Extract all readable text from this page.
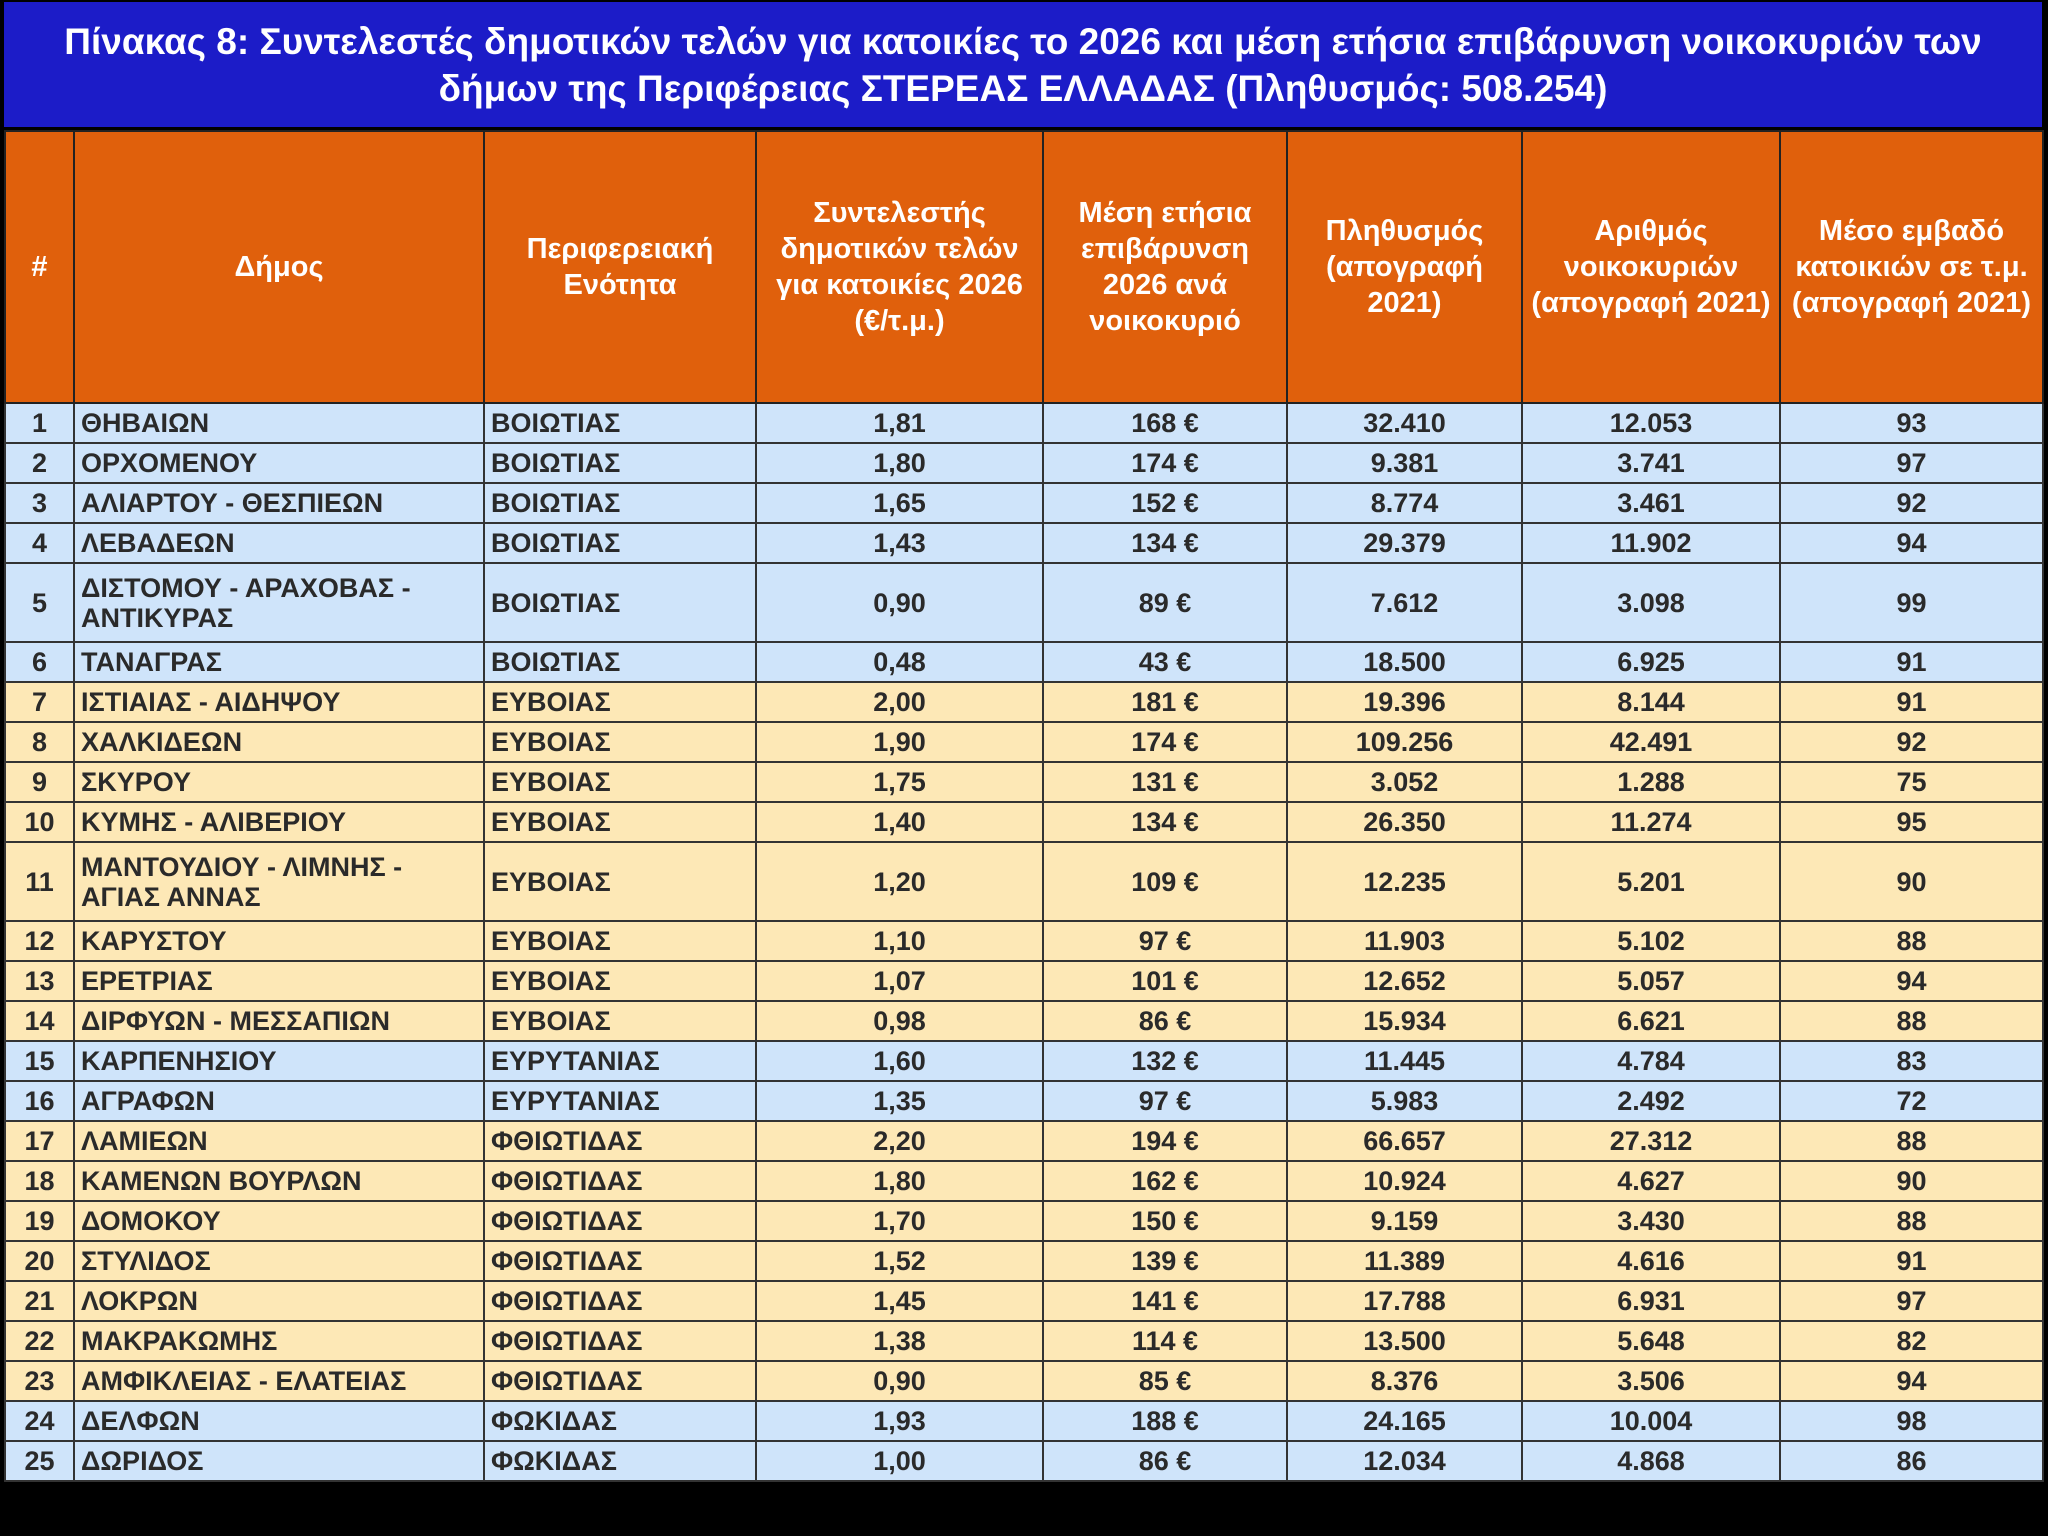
Πίνακας 8: Συντελεστές δημοτικών τελών για κατοικίες το 2026 και μέση ετήσια επιβάρυνση νοικοκυριών των δήμων της Περιφέρειας ΣΤΕΡΕΑΣ ΕΛΛΑΔΑΣ (Πληθυσμός: 508.254)
#	Δήμος	Περιφερειακή Ενότητα	Συντελεστής δημοτικών τελών για κατοικίες 2026 (€/τ.μ.)	Μέση ετήσια επιβάρυνση 2026 ανά νοικοκυριό	Πληθυσμός (απογραφή 2021)	Αριθμός νοικοκυριών (απογραφή 2021)	Μέσο εμβαδό κατοικιών σε τ.μ. (απογραφή 2021)
1	ΘΗΒΑΙΩΝ	ΒΟΙΩΤΙΑΣ	1,81	168 €	32.410	12.053	93
2	ΟΡΧΟΜΕΝΟΥ	ΒΟΙΩΤΙΑΣ	1,80	174 €	9.381	3.741	97
3	ΑΛΙΑΡΤΟΥ - ΘΕΣΠΙΕΩΝ	ΒΟΙΩΤΙΑΣ	1,65	152 €	8.774	3.461	92
4	ΛΕΒΑΔΕΩΝ	ΒΟΙΩΤΙΑΣ	1,43	134 €	29.379	11.902	94
5	ΔΙΣΤΟΜΟΥ - ΑΡΑΧΟΒΑΣ - ΑΝΤΙΚΥΡΑΣ	ΒΟΙΩΤΙΑΣ	0,90	89 €	7.612	3.098	99
6	ΤΑΝΑΓΡΑΣ	ΒΟΙΩΤΙΑΣ	0,48	43 €	18.500	6.925	91
7	ΙΣΤΙΑΙΑΣ - ΑΙΔΗΨΟΥ	ΕΥΒΟΙΑΣ	2,00	181 €	19.396	8.144	91
8	ΧΑΛΚΙΔΕΩΝ	ΕΥΒΟΙΑΣ	1,90	174 €	109.256	42.491	92
9	ΣΚΥΡΟΥ	ΕΥΒΟΙΑΣ	1,75	131 €	3.052	1.288	75
10	ΚΥΜΗΣ - ΑΛΙΒΕΡΙΟΥ	ΕΥΒΟΙΑΣ	1,40	134 €	26.350	11.274	95
11	ΜΑΝΤΟΥΔΙΟΥ - ΛΙΜΝΗΣ - ΑΓΙΑΣ ΑΝΝΑΣ	ΕΥΒΟΙΑΣ	1,20	109 €	12.235	5.201	90
12	ΚΑΡΥΣΤΟΥ	ΕΥΒΟΙΑΣ	1,10	97 €	11.903	5.102	88
13	ΕΡΕΤΡΙΑΣ	ΕΥΒΟΙΑΣ	1,07	101 €	12.652	5.057	94
14	ΔΙΡΦΥΩΝ - ΜΕΣΣΑΠΙΩΝ	ΕΥΒΟΙΑΣ	0,98	86 €	15.934	6.621	88
15	ΚΑΡΠΕΝΗΣΙΟΥ	ΕΥΡΥΤΑΝΙΑΣ	1,60	132 €	11.445	4.784	83
16	ΑΓΡΑΦΩΝ	ΕΥΡΥΤΑΝΙΑΣ	1,35	97 €	5.983	2.492	72
17	ΛΑΜΙΕΩΝ	ΦΘΙΩΤΙΔΑΣ	2,20	194 €	66.657	27.312	88
18	ΚΑΜΕΝΩΝ ΒΟΥΡΛΩΝ	ΦΘΙΩΤΙΔΑΣ	1,80	162 €	10.924	4.627	90
19	ΔΟΜΟΚΟΥ	ΦΘΙΩΤΙΔΑΣ	1,70	150 €	9.159	3.430	88
20	ΣΤΥΛΙΔΟΣ	ΦΘΙΩΤΙΔΑΣ	1,52	139 €	11.389	4.616	91
21	ΛΟΚΡΩΝ	ΦΘΙΩΤΙΔΑΣ	1,45	141 €	17.788	6.931	97
22	ΜΑΚΡΑΚΩΜΗΣ	ΦΘΙΩΤΙΔΑΣ	1,38	114 €	13.500	5.648	82
23	ΑΜΦΙΚΛΕΙΑΣ - ΕΛΑΤΕΙΑΣ	ΦΘΙΩΤΙΔΑΣ	0,90	85 €	8.376	3.506	94
24	ΔΕΛΦΩΝ	ΦΩΚΙΔΑΣ	1,93	188 €	24.165	10.004	98
25	ΔΩΡΙΔΟΣ	ΦΩΚΙΔΑΣ	1,00	86 €	12.034	4.868	86
